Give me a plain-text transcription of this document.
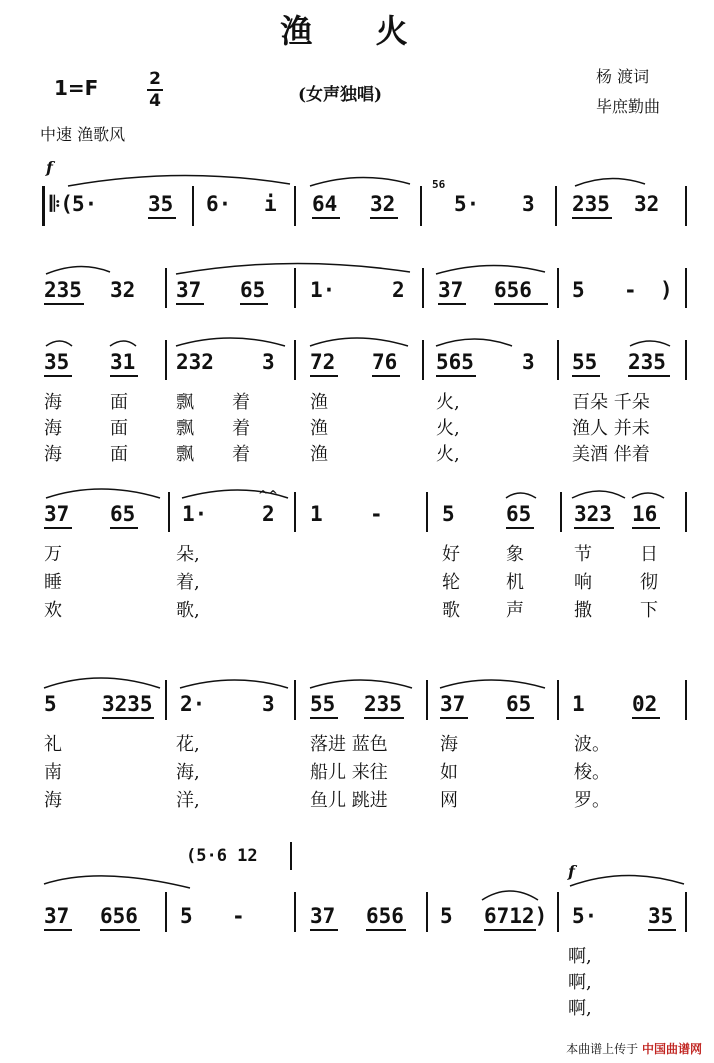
渔 火
1=F	2
4	(女声独唱)
杨 渡词
毕庶勤曲
中速 渔歌风
f
f
𝄆( 5· 35 6· i 64 32	5· 3 235 32
56
235 32 37 65 1·	2 37 656 5 - )
35 31 232 3 72 76 565 3 55 235
海	面	飘 着	渔	火,	百朵 千朵
海	面	飘 着	渔	火,	渔人 并未
海	面	飘 着	渔	火,	美酒 伴着
37 65 1·	2 1 -	5 65 323 16
^^
万	朵,	好	象	节	日
睡	着,	轮	机	响	彻
欢	歌,	歌	声	撒	下
5 3235 2·	3 55 235 37 65 1 02
礼	花,	落进 蓝色	海	波。
南	海,	船儿 来往	如	梭。
海	洋,	鱼儿 跳进	网	罗。
(5·6 12
37 656 5 -	37 656 5 6712) 5· 35
啊,
啊,
啊,
本曲谱上传于 中国曲谱网
